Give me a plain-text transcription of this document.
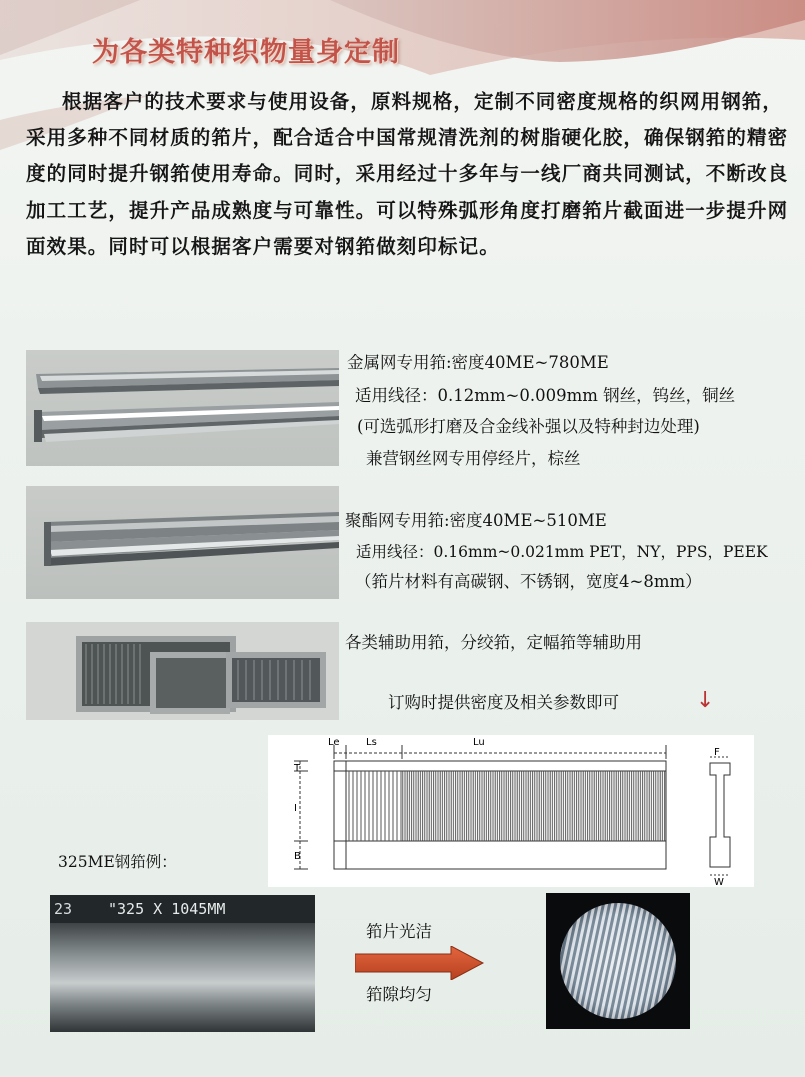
为各类特种织物量身定制

根据客户的技术要求与使用设备，原料规格，定制不同密度规格的织网用钢筘，采用多种不同材质的筘片，配合适合中国常规清洗剂的树脂硬化胶，确保钢筘的精密度的同时提升钢筘使用寿命。同时，采用经过十多年与一线厂商共同测试，不断改良加工工艺，提升产品成熟度与可靠性。可以特殊弧形角度打磨筘片截面进一步提升网面效果。同时可以根据客户需要对钢筘做刻印标记。

金属网专用筘:密度40ME~780ME
适用线径：0.12mm~0.009mm 钢丝，钨丝，铜丝
(可选弧形打磨及合金线补强以及特种封边处理)
兼营钢丝网专用停经片，棕丝
聚酯网专用筘:密度40ME~510ME
适用线径：0.16mm~0.021mm PET，NY，PPS，PEEK
（筘片材料有高碳钢、不锈钢，宽度4~8mm）
各类辅助用筘，分绞筘，定幅筘等辅助用
订购时提供密度及相关参数即可	↓
Le	Ls	Lu
T
I
B
F
W
325ME钢筘例：
23 "325 X 1045MM
筘片光洁
筘隙均匀
